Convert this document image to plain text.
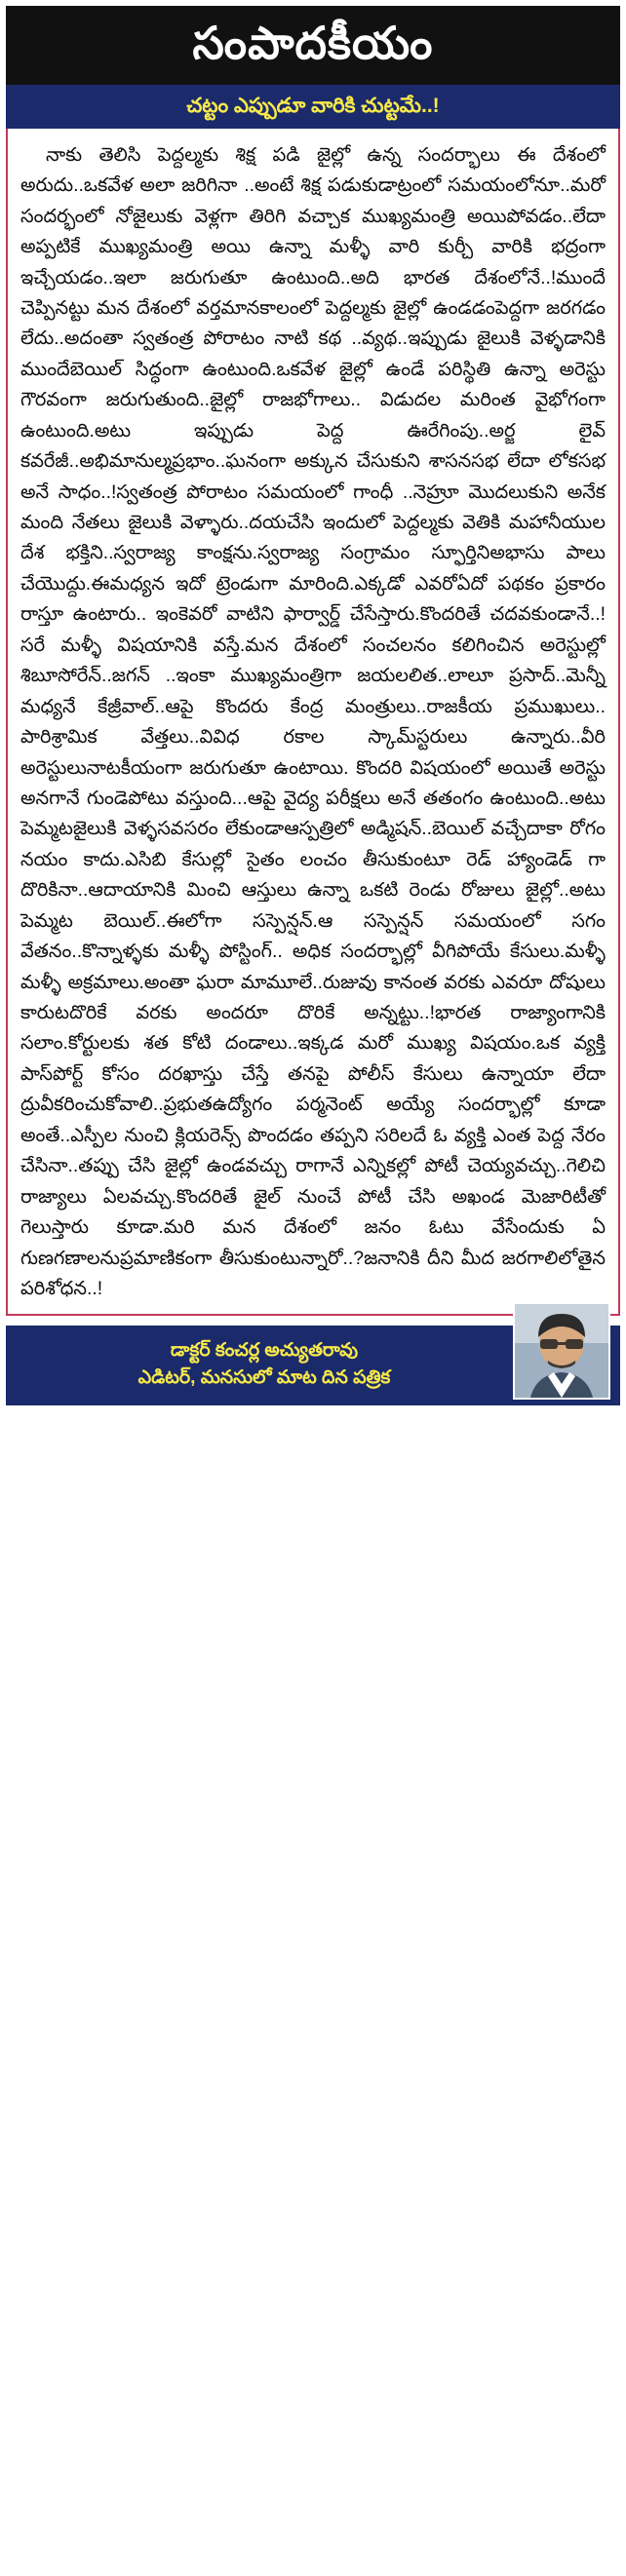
సంపాదకీయం
చట్టం ఎప్పుడూ వారికి చుట్టమే..!

నాకు తెలిసి పెద్దల్మకు శిక్ష పడి జైల్లో ఉన్న సందర్భాలు ఈ దేశంలో అరుదు..ఒకవేళ అలా జరిగినా ..అంటే శిక్ష పడుకుడాట్రంలో సమయంలోనూ..మరో సందర్భంలో నోజైలుకు వెళ్లగా తిరిగి వచ్చాక ముఖ్యమంత్రి అయిపోవడం..లేదా అప్పటికే ముఖ్యమంత్రి అయి ఉన్నా మళ్ళీ వారి కుర్చీ వారికి భద్రంగా ఇచ్చేయడం..ఇలా జరుగుతూ ఉంటుంది..అది భారత దేశంలోనే..!ముందే చెప్పినట్టు మన దేశంలో వర్తమానకాలంలో పెద్దల్మకు జైల్లో ఉండడంపెద్దగా జరగడం లేదు..అదంతా స్వతంత్ర పోరాటం నాటి కథ ..వ్యథ..ఇప్పుడు జైలుకి వెళ్ళడానికి ముందేబెయిల్ సిద్ధంగా ఉంటుంది.ఒకవేళ జైల్లో ఉండే పరిస్థితి ఉన్నా అరెస్టు గౌరవంగా జరుగుతుంది..జైల్లో రాజభోగాలు.. విడుదల మరింత వైభోగంగా ఉంటుంది.అటు ఇప్పుడు పెద్ద ఊరేగింపు..అర్జ లైవ్ కవరేజీ..అభిమానుల్మప్రభాం..ఘనంగా అక్కున చేసుకుని శాసనసభ లేదా లోకసభ అనే సాధం..!స్వతంత్ర పోరాటం సమయంలో గాంధీ ..నెహ్రూ మొదలుకుని అనేక మంది నేతలు జైలుకి వెళ్ళారు..దయచేసి ఇందులో పెద్దల్మకు వెతికి మహానీయుల దేశ భక్తిని..స్వరాజ్య కాంక్షను.స్వరాజ్య సంగ్రామం స్ఫూర్తినిఅభాసు పాలు చేయొద్దు.ఈమధ్యన ఇదో ట్రెండుగా మారింది.ఎక్కడో ఎవరోఏదో పథకం ప్రకారం రాస్తూ ఉంటారు.. ఇంకెవరో వాటిని ఫార్వార్డ్ చేసేస్తారు.కొందరితే చదవకుండానే..!సరే మళ్ళీ విషయానికి వస్తే.మన దేశంలో సంచలనం కలిగించిన అరెస్టుల్లో శిబూసోరేన్..జగన్ ..ఇంకా ముఖ్యమంత్రిగా జయలలిత..లాలూ ప్రసాద్..మెన్నీ మధ్యనే కేజ్రీవాల్..ఆపై కొందరు కేంద్ర మంత్రులు..రాజకీయ ప్రముఖులు.. పారిశ్రామిక వేత్తలు..వివిధ రకాల స్కామ్‌స్టరులు ఉన్నారు..వీరి అరెస్టులునాటకీయంగా జరుగుతూ ఉంటాయి. కొందరి విషయంలో అయితే అరెస్టు అనగానే గుండెపోటు వస్తుంది...ఆపై వైద్య పరీక్షలు అనే తతంగం ఉంటుంది..అటు పెమ్మటజైలుకి వెళ్ళసవసరం లేకుండాఆస్పత్రిలో అడ్మిషన్..బెయిల్ వచ్చేదాకా రోగం నయం కాదు.ఎసిబి కేసుల్లో సైతం లంచం తీసుకుంటూ రెడ్ హ్యాండెడ్ గా దొరికినా..ఆదాయానికి మించి ఆస్తులు ఉన్నా ఒకటి రెండు రోజులు జైల్లో..అటు పెమ్మట బెయిల్..ఈలోగా సస్పెన్షన్.ఆ సస్పెన్షన్ సమయంలో సగం వేతనం..కొన్నాళ్ళకు మళ్ళీ పోస్టింగ్.. అధిక సందర్భాల్లో వీగిపోయే కేసులు.మళ్ళీ మళ్ళీ అక్రమాలు.అంతా ఘరా మామూలే..రుజువు కానంత వరకు ఎవరూ దోషులు కారుటదొరికే వరకు అందరూ దొరికే అన్నట్టు..!భారత రాజ్యాంగానికి సలాం.కోర్టులకు శత కోటి దండాలు..ఇక్కడ మరో ముఖ్య విషయం.ఒక వ్యక్తి పాస్‌పోర్ట్ కోసం దరఖాస్తు చేస్తే తనపై పోలీస్ కేసులు ఉన్నాయా లేదా ద్రువీకరించుకోవాలి..ప్రభుతఉద్యోగం పర్మనెంట్ అయ్యే సందర్భాల్లో కూడా అంతే..ఎస్పీల నుంచి క్లియరెన్స్ పొందడం తప్పని సరిలదే ఓ వ్యక్తి ఎంత పెద్ద నేరం చేసినా..తప్పు చేసి జైల్లో ఉండవచ్చు రాగానే ఎన్నికల్లో పోటీ చెయ్యవచ్చు..గెలిచి రాజ్యాలు ఏలవచ్చు.కొందరితే జైల్ నుంచే పోటీ చేసి అఖండ మెజారిటీతో గెలుస్తారు కూడా.మరి మన దేశంలో జనం ఓటు వేసేందుకు ఏ గుణగణాలనుప్రమాణికంగా తీసుకుంటున్నారో..?జనానికి దీని మీద జరగాలిలోతైన పరిశోధన..!

డాక్టర్ కంచర్ల అచ్యుతరావు
ఎడిటర్, మనసులో మాట దిన పత్రిక
